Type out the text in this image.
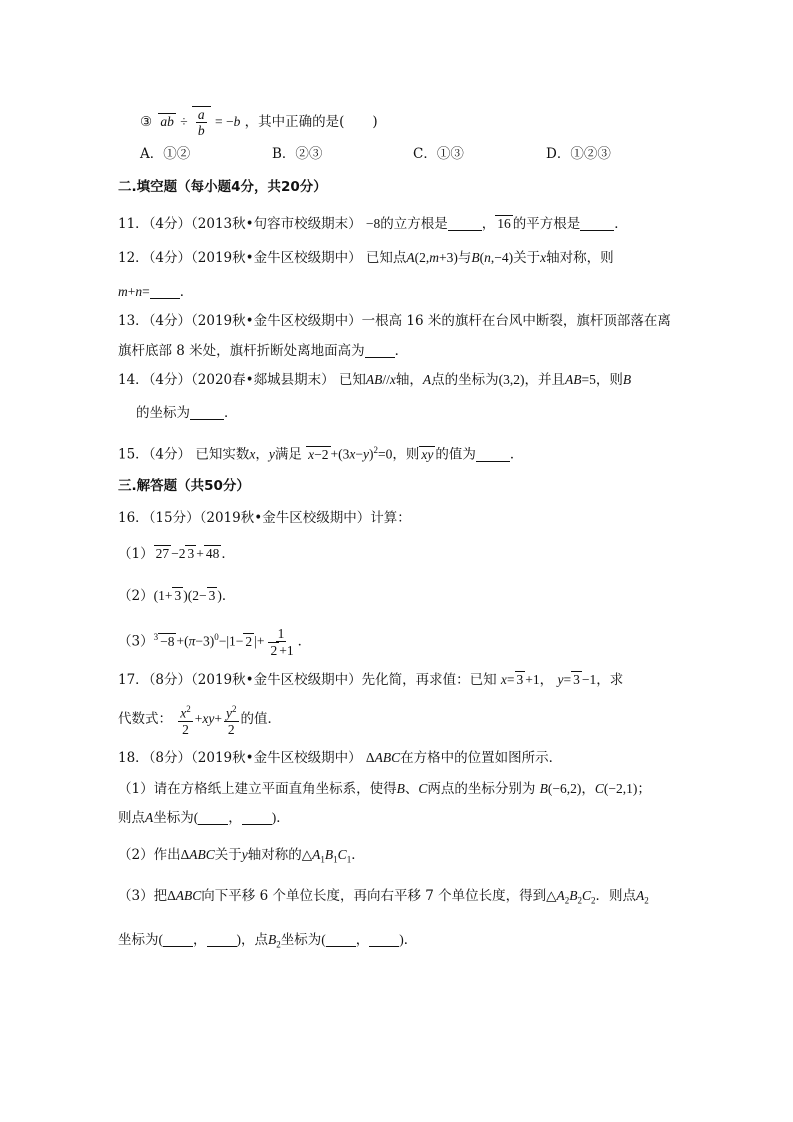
③ ab ÷ $\frac{a}{b} = -b$ ，其中正确的是( )
A．①②	B．②③	C．①③	D．①②③
二.填空题（每小题4分，共20分）
11．（4分）（2013秋•句容市校级期末） −8的立方根是	， 16 的平方根是	．
12．（4分）（2019秋•金牛区校级期中） 已知点A(2,m+3)与B(n,−4)关于x轴对称，则
m+n= ．
13．（4分）（2019秋•金牛区校级期中）一根高 16 米的旗杆在台风中断裂，旗杆顶部落在离
旗杆底部 8 米处，旗杆折断处离地面高为 ．
14．（4分）（2020春•郯城县期末） 已知AB//x轴，A点的坐标为(3,2)，并且AB=5，则B
的坐标为	．
15．（4分） 已知实数x，y满足 $x-2 +(3x-y)^2=0$，则 xy 的值为	．
三.解答题（共50分）
16．（15分）（2019秋•金牛区校级期中）计算：
（1） 27 −2 3 + 48 ．
（2）(1+ 3 )(2− 3 )．
$(3)^3 -8 +(\pi-3)^0-|1- 2$ |+ $\frac{1}{2 +1}$ ．
17．（8分）（2019秋•金牛区校级期中）先化简，再求值：已知 x= 3 +1， y= 3 −1，求
代数式： $\frac{x^2}{2} +xy+ \frac{y^2}{2}$ 的值．
18．（8分）（2019秋•金牛区校级期中） ΔABC在方格中的位置如图所示．
（1）请在方格纸上建立平面直角坐标系，使得B、C两点的坐标分别为 B(−6,2)，C(−2,1)；
则点A坐标为( ， )．
（2）作出ΔABC关于y轴对称的$\triangle A_1B_1C_1$．
（3）把ΔABC向下平移 6 个单位长度，再向右平移 7 个单位长度，得到$\triangle A_2B_2C_2$．则点$A_2$
坐标为( ， )，点$B_2$坐标为( ， )．
